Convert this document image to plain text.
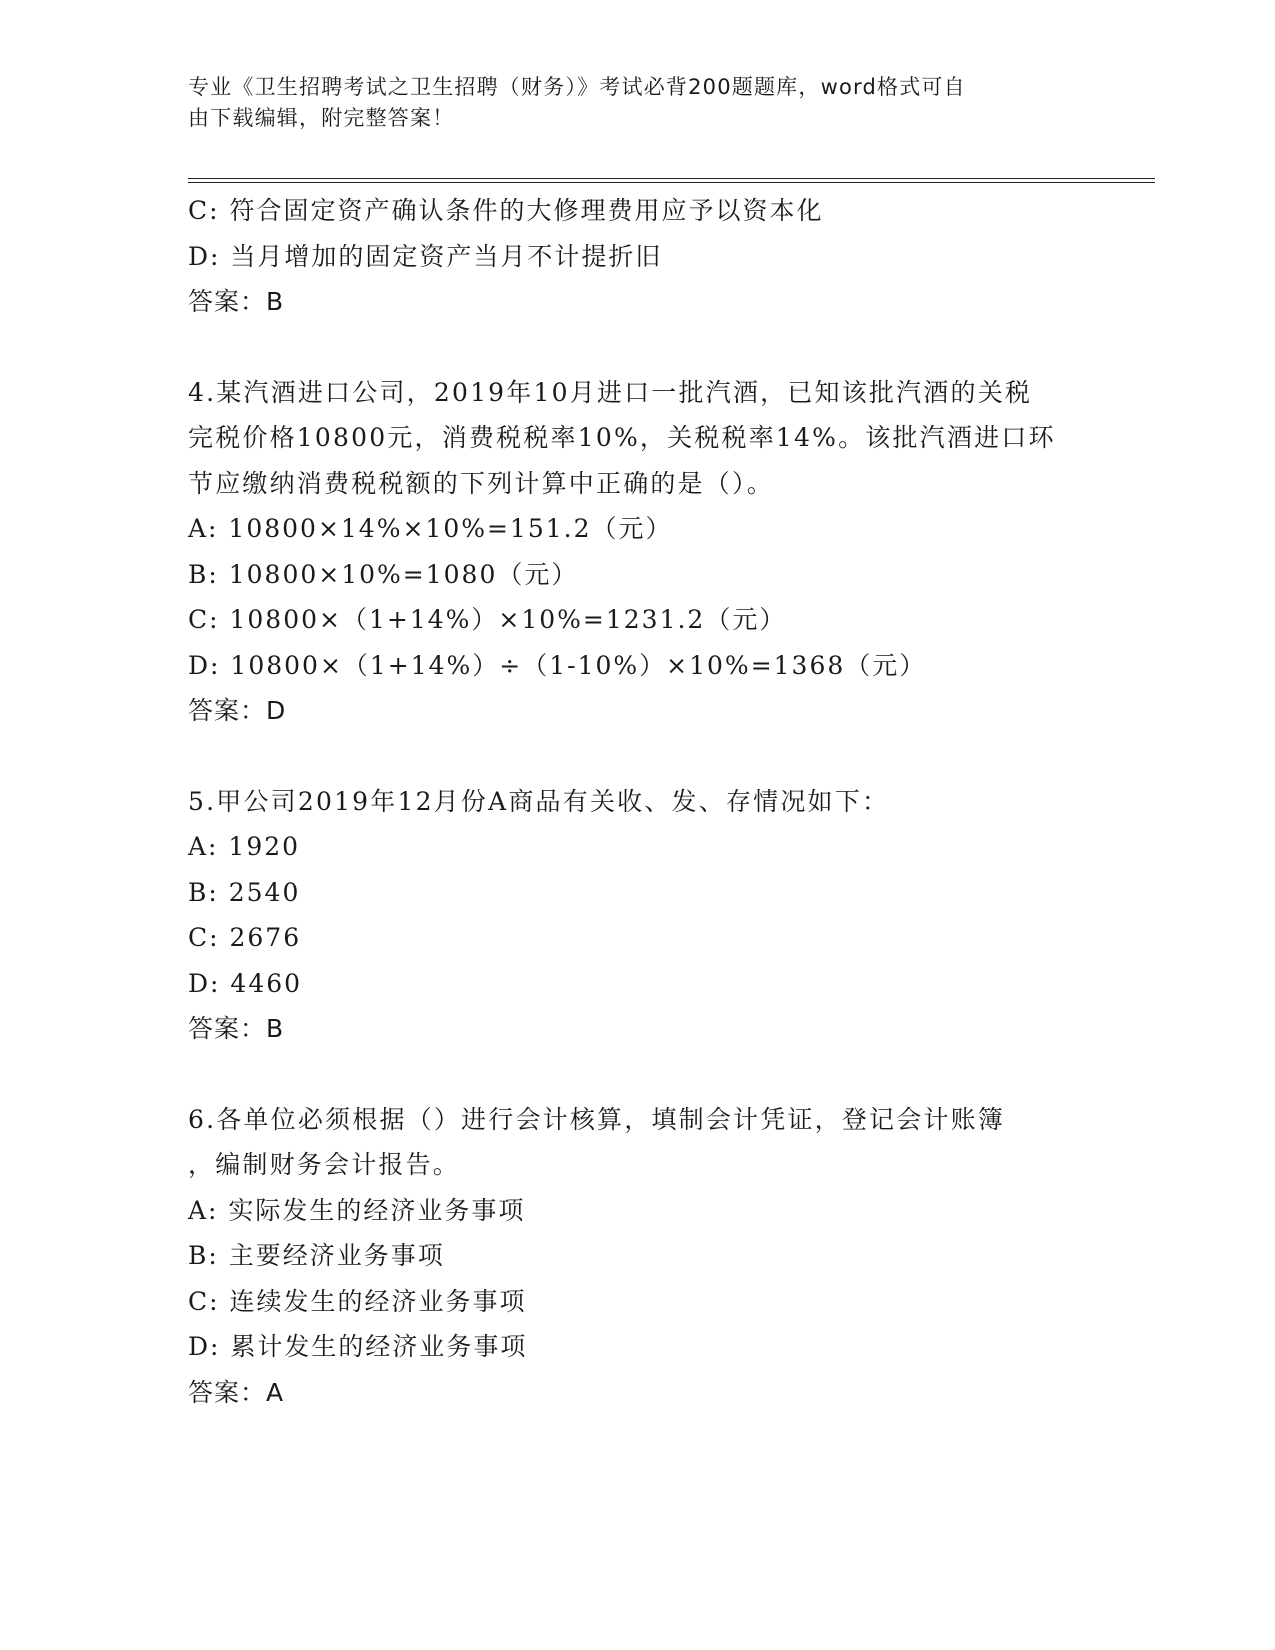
专业《卫生招聘考试之卫生招聘（财务）》考试必背200题题库，word格式可自
由下载编辑，附完整答案！
C: 符合固定资产确认条件的大修理费用应予以资本化
D: 当月增加的固定资产当月不计提折旧
答案：B
4.某汽酒进口公司，2019年10月进口一批汽酒，已知该批汽酒的关税
完税价格10800元，消费税税率10%，关税税率14%。该批汽酒进口环
节应缴纳消费税税额的下列计算中正确的是（）。
A: 10800×14%×10%=151.2（元）
B: 10800×10%=1080（元）
C: 10800×（1+14%）×10%=1231.2（元）
D: 10800×（1+14%）÷（1-10%）×10%=1368（元）
答案：D
5.甲公司2019年12月份A商品有关收、发、存情况如下：
A: 1920
B: 2540
C: 2676
D: 4460
答案：B
6.各单位必须根据（）进行会计核算，填制会计凭证，登记会计账簿
，编制财务会计报告。
A: 实际发生的经济业务事项
B: 主要经济业务事项
C: 连续发生的经济业务事项
D: 累计发生的经济业务事项
答案：A
